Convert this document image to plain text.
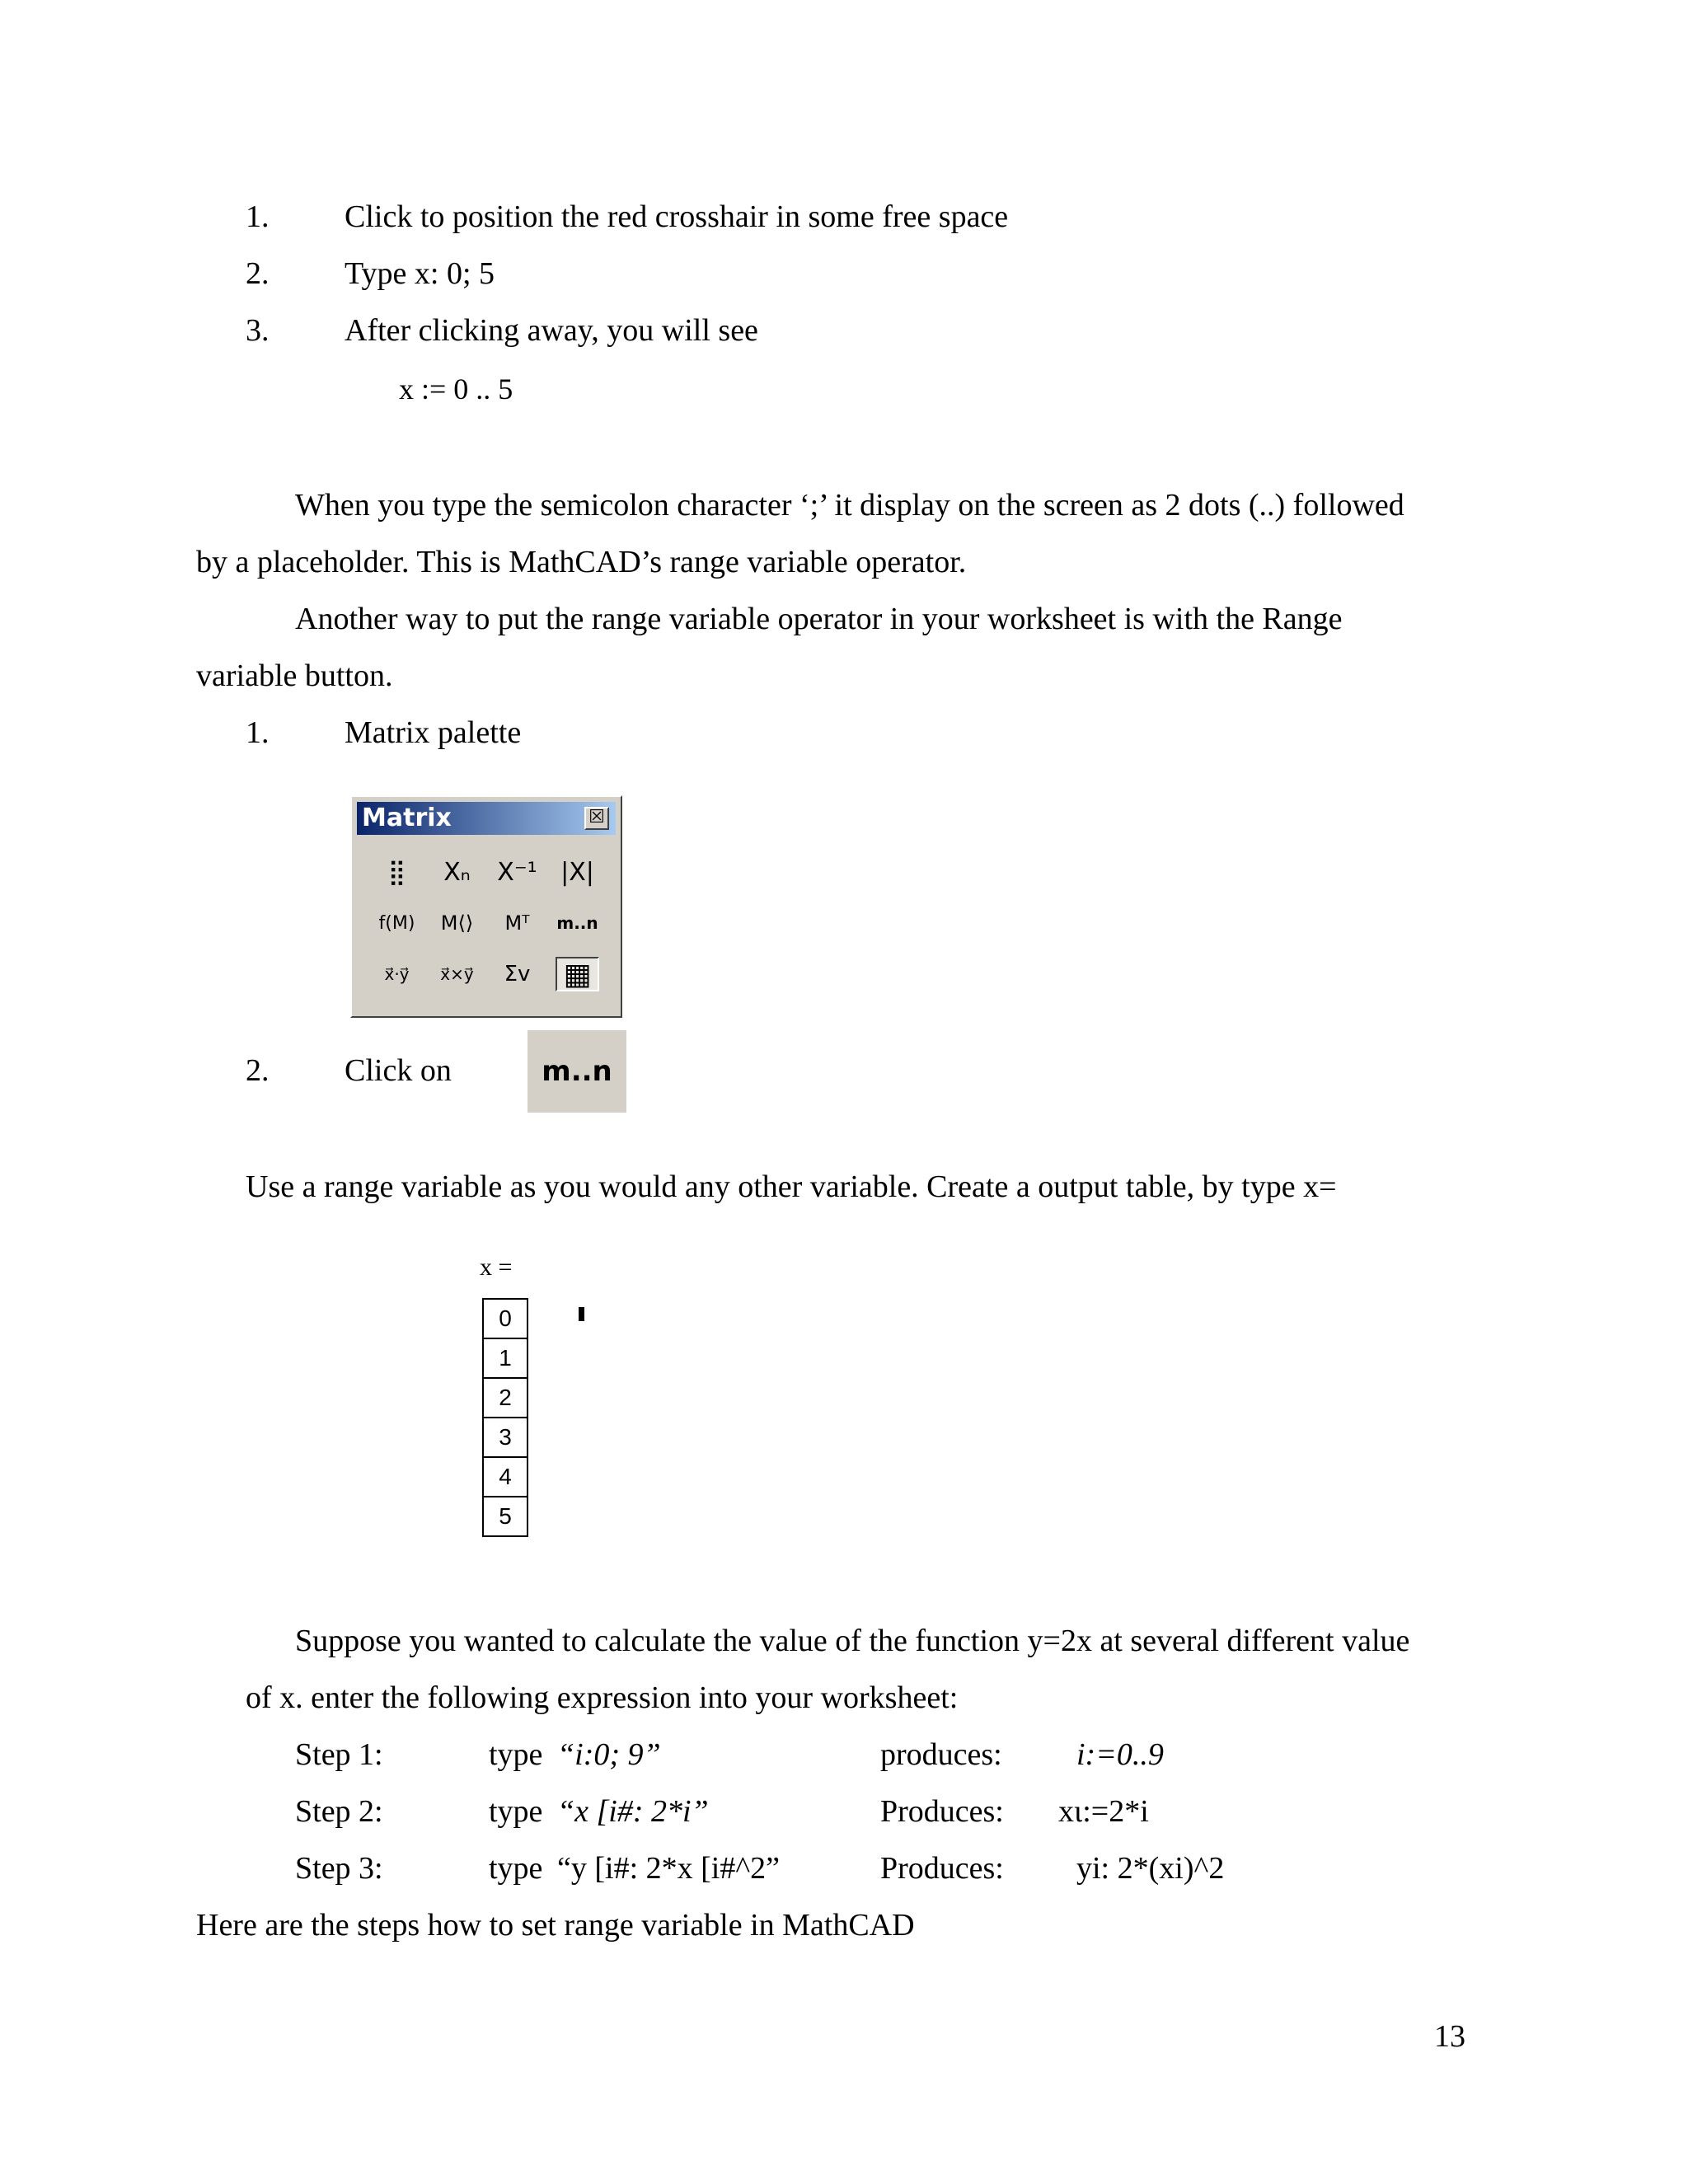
1. Click to position the red crosshair in some free space
2. Type x: 0; 5
3. After clicking away, you will see
x := 0 .. 5
When you type the semicolon character ‘;’ it display on the screen as 2 dots (..) followed
by a placeholder. This is MathCAD’s range variable operator.
Another way to put the range variable operator in your worksheet is with the Range
variable button.
1. Matrix palette
Matrix	☒
⣿	Xₙ	X⁻¹ |X|
f(M)	M⟨⟩	Mᵀ	m..n
x⃗·y⃗	x⃗×y⃗	Σv	▦
2. Click on	m..n
Use a range variable as you would any other variable. Create a output table, by type x=
x =
0
1
2
3
4
5
Suppose you wanted to calculate the value of the function y=2x at several different value
of x. enter the following expression into your worksheet:
Step 1:	type “i:0; 9”	produces: i:=0..9
Step 2:	type “x [i#: 2*i”	Produces: xι:=2*i
Step 3:	type “y [i#: 2*x [i#^2”	Produces: yi: 2*(xi)^2
Here are the steps how to set range variable in MathCAD
13
